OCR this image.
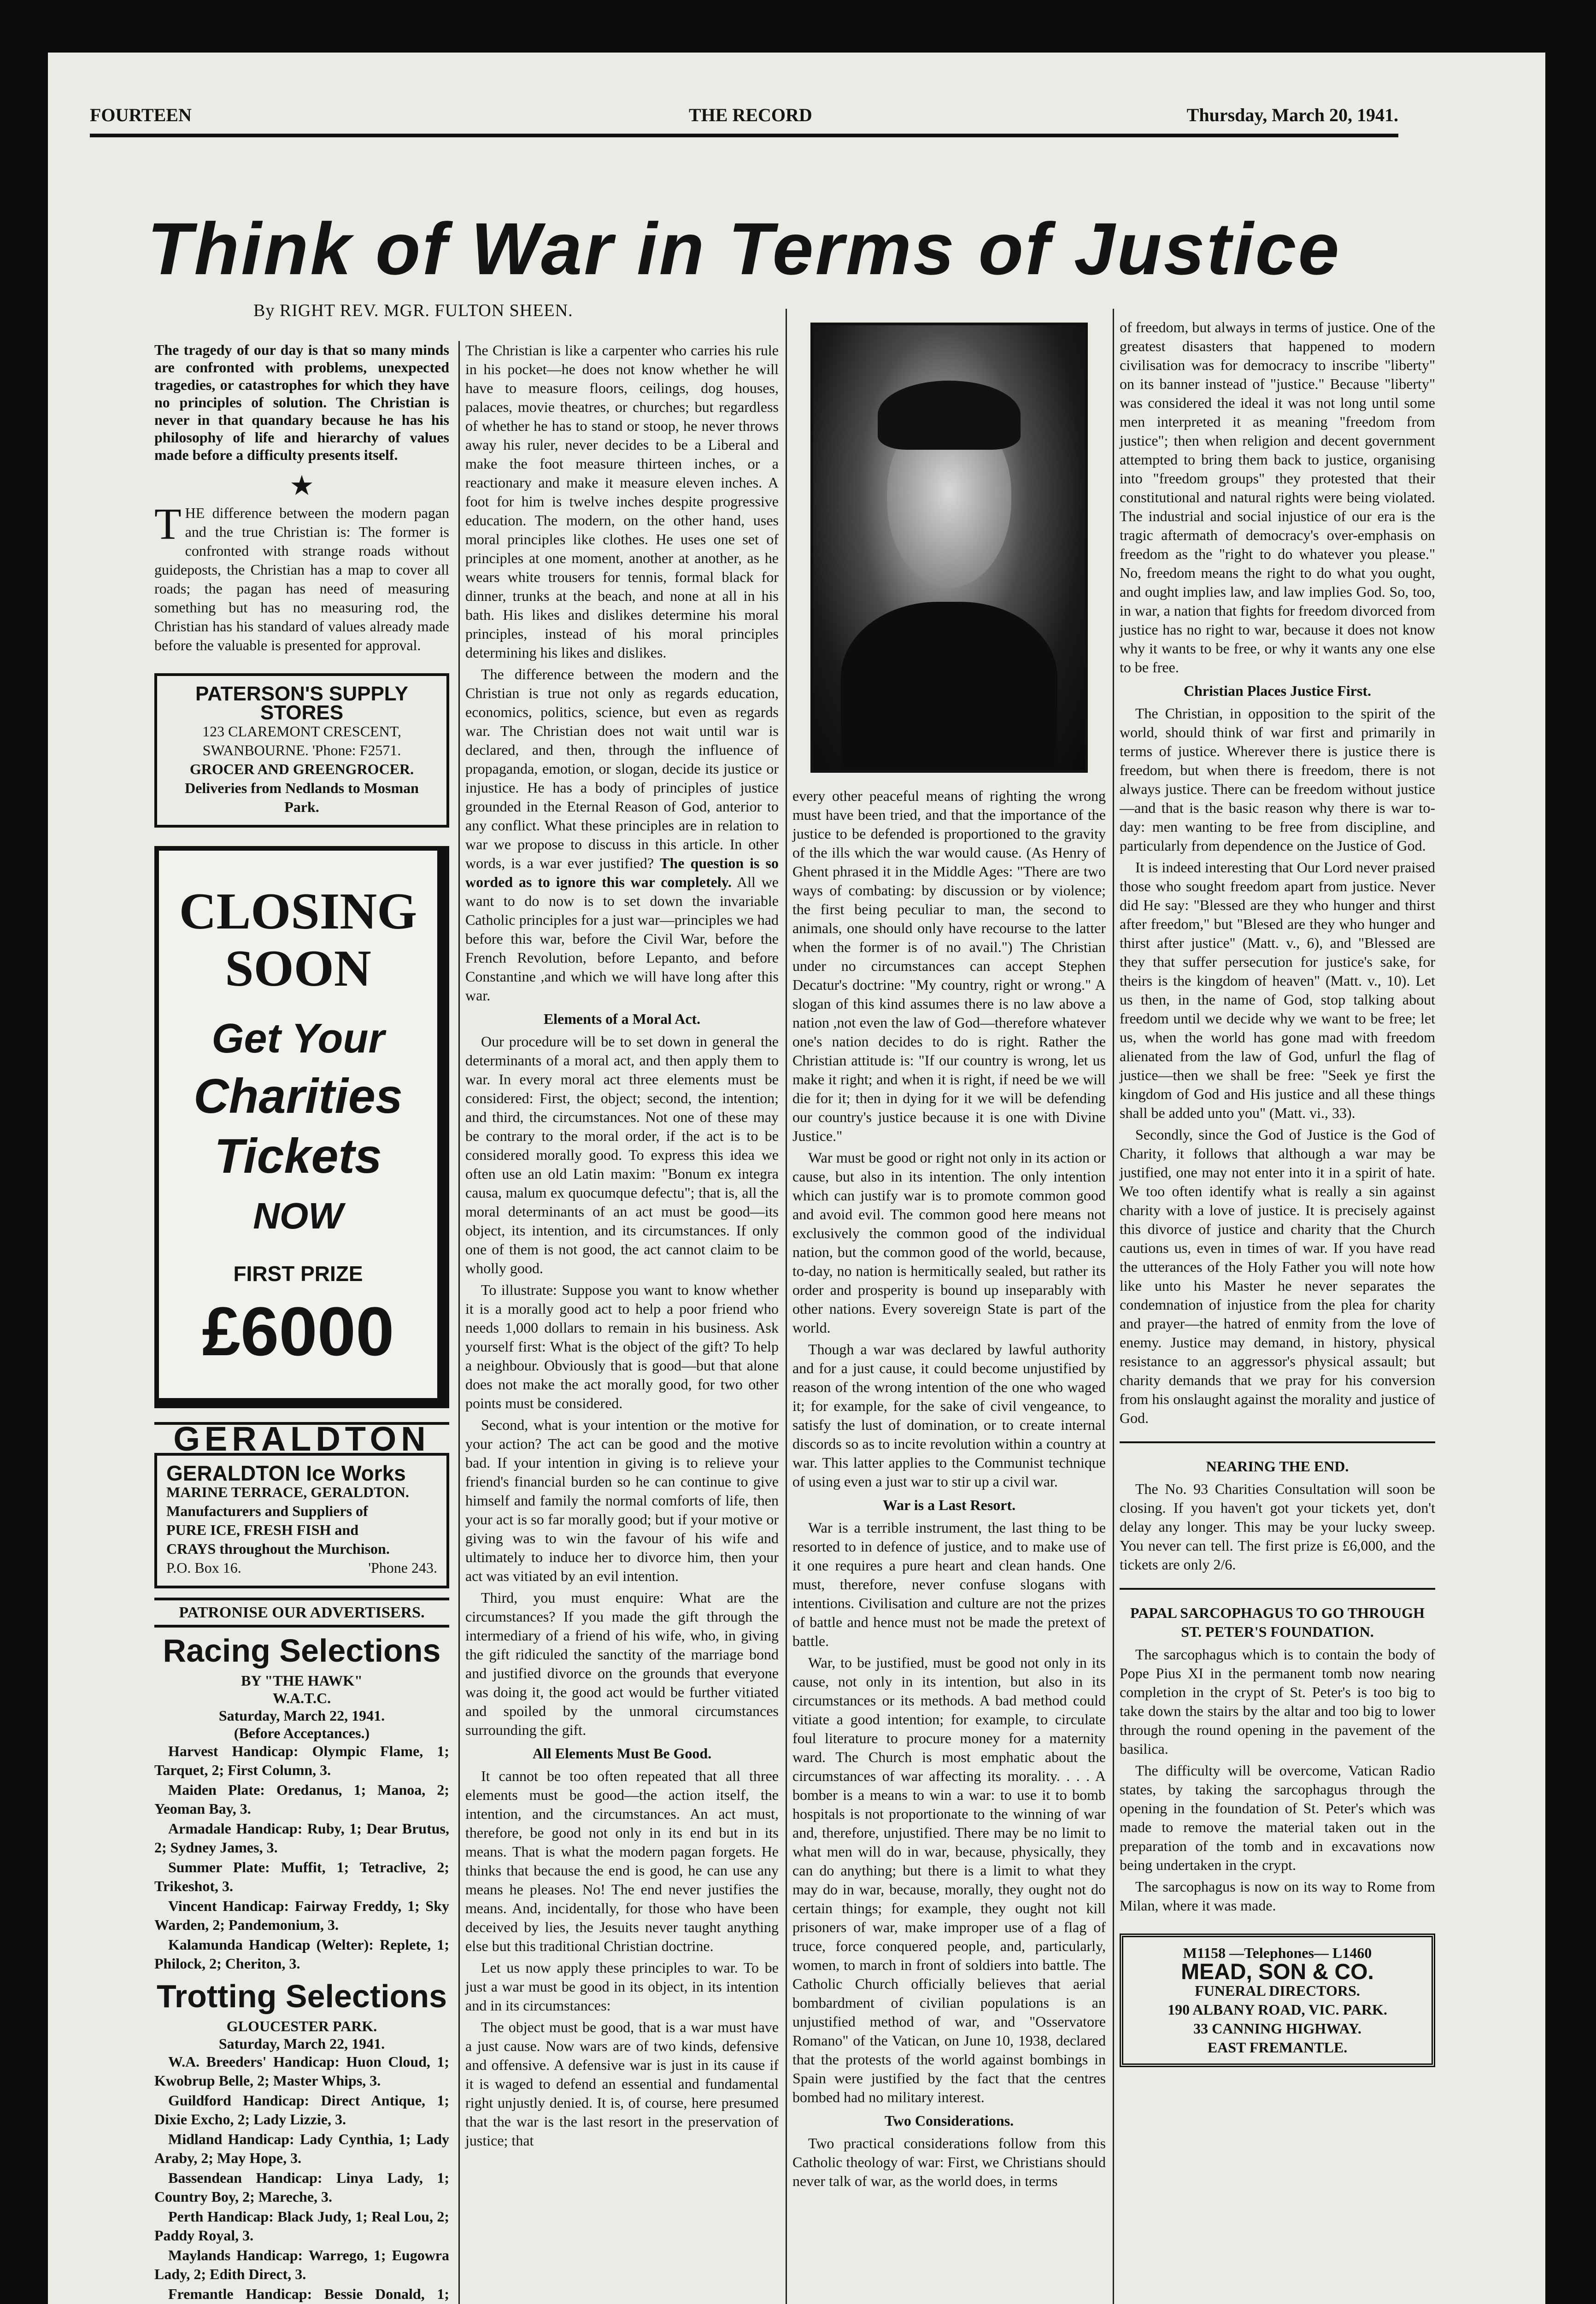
FOURTEEN	THE RECORD	Thursday, March 20, 1941.
Think of War in Terms of Justice
By RIGHT REV. MGR. FULTON SHEEN.
The tragedy of our day is that so many minds are confronted with problems, unexpected tragedies, or catastrophes for which they have no principles of solution. The Christian is never in that quandary because he has his philosophy of life and hierarchy of values made before a difficulty presents itself.
★

THE difference between the modern pagan and the true Christian is: The former is confronted with strange roads without guideposts, the Christian has a map to cover all roads; the pagan has need of measuring something but has no measuring rod, the Christian has his standard of values already made before the valuable is presented for approval.

PATERSON'S SUPPLY STORES
123 CLAREMONT CRESCENT,
SWANBOURNE. 'Phone: F2571.
GROCER AND GREENGROCER.
Deliveries from Nedlands to Mosman Park.
CLOSING
SOON
Get Your
Charities
Tickets
NOW
FIRST PRIZE
£6000
GERALDTON
GERALDTON Ice Works
MARINE TERRACE, GERALDTON.
Manufacturers and Suppliers of
PURE ICE, FRESH FISH and
CRAYS throughout the Murchison.
P.O. Box 16.	'Phone 243.
PATRONISE OUR ADVERTISERS.
Racing Selections
BY "THE HAWK"
W.A.T.C.
Saturday, March 22, 1941.
(Before Acceptances.)

Harvest Handicap: Olympic Flame, 1; Tarquet, 2; First Column, 3.

Maiden Plate: Oredanus, 1; Manoa, 2; Yeoman Bay, 3.

Armadale Handicap: Ruby, 1; Dear Brutus, 2; Sydney James, 3.

Summer Plate: Muffit, 1; Tetraclive, 2; Trikeshot, 3.

Vincent Handicap: Fairway Freddy, 1; Sky Warden, 2; Pandemonium, 3.

Kalamunda Handicap (Welter): Replete, 1; Philock, 2; Cheriton, 3.

Trotting Selections
GLOUCESTER PARK.
Saturday, March 22, 1941.

W.A. Breeders' Handicap: Huon Cloud, 1; Kwobrup Belle, 2; Master Whips, 3.

Guildford Handicap: Direct Antique, 1; Dixie Excho, 2; Lady Lizzie, 3.

Midland Handicap: Lady Cynthia, 1; Lady Araby, 2; May Hope, 3.

Bassendean Handicap: Linya Lady, 1; Country Boy, 2; Mareche, 3.

Perth Handicap: Black Judy, 1; Real Lou, 2; Paddy Royal, 3.

Maylands Handicap: Warrego, 1; Eugowra Lady, 2; Edith Direct, 3.

Fremantle Handicap: Bessie Donald, 1;

The Christian is like a carpenter who carries his rule in his pocket—he does not know whether he will have to measure floors, ceilings, dog houses, palaces, movie theatres, or churches; but regardless of whether he has to stand or stoop, he never throws away his ruler, never decides to be a Liberal and make the foot measure thirteen inches, or a reactionary and make it measure eleven inches. A foot for him is twelve inches despite progressive education. The modern, on the other hand, uses moral principles like clothes. He uses one set of principles at one moment, another at another, as he wears white trousers for tennis, formal black for dinner, trunks at the beach, and none at all in his bath. His likes and dislikes determine his moral principles, instead of his moral principles determining his likes and dislikes.

The difference between the modern and the Christian is true not only as regards education, economics, politics, science, but even as regards war. The Christian does not wait until war is declared, and then, through the influence of propaganda, emotion, or slogan, decide its justice or injustice. He has a body of principles of justice grounded in the Eternal Reason of God, anterior to any conflict. What these principles are in relation to war we propose to discuss in this article. In other words, is a war ever justified? The question is so worded as to ignore this war completely. All we want to do now is to set down the invariable Catholic principles for a just war—principles we had before this war, before the Civil War, before the French Revolution, before Lepanto, and before Constantine ,and which we will have long after this war.

Elements of a Moral Act.

Our procedure will be to set down in general the determinants of a moral act, and then apply them to war. In every moral act three elements must be considered: First, the object; second, the intention; and third, the circumstances. Not one of these may be contrary to the moral order, if the act is to be considered morally good. To express this idea we often use an old Latin maxim: "Bonum ex integra causa, malum ex quocumque defectu"; that is, all the moral determinants of an act must be good—its object, its intention, and its circumstances. If only one of them is not good, the act cannot claim to be wholly good.

To illustrate: Suppose you want to know whether it is a morally good act to help a poor friend who needs 1,000 dollars to remain in his business. Ask yourself first: What is the object of the gift? To help a neighbour. Obviously that is good—but that alone does not make the act morally good, for two other points must be considered.

Second, what is your intention or the motive for your action? The act can be good and the motive bad. If your intention in giving is to relieve your friend's financial burden so he can continue to give himself and family the normal comforts of life, then your act is so far morally good; but if your motive or giving was to win the favour of his wife and ultimately to induce her to divorce him, then your act was vitiated by an evil intention.

Third, you must enquire: What are the circumstances? If you made the gift through the intermediary of a friend of his wife, who, in giving the gift ridiculed the sanctity of the marriage bond and justified divorce on the grounds that everyone was doing it, the good act would be further vitiated and spoiled by the unmoral circumstances surrounding the gift.

All Elements Must Be Good.

It cannot be too often repeated that all three elements must be good—the action itself, the intention, and the circumstances. An act must, therefore, be good not only in its end but in its means. That is what the modern pagan forgets. He thinks that because the end is good, he can use any means he pleases. No! The end never justifies the means. And, incidentally, for those who have been deceived by lies, the Jesuits never taught anything else but this traditional Christian doctrine.

Let us now apply these principles to war. To be just a war must be good in its object, in its intention and in its circumstances:

The object must be good, that is a war must have a just cause. Now wars are of two kinds, defensive and offensive. A defensive war is just in its cause if it is waged to defend an essential and fundamental right unjustly denied. It is, of course, here presumed that the war is the last resort in the preservation of justice; that

every other peaceful means of righting the wrong must have been tried, and that the importance of the justice to be defended is proportioned to the gravity of the ills which the war would cause. (As Henry of Ghent phrased it in the Middle Ages: "There are two ways of combating: by discussion or by violence; the first being peculiar to man, the second to animals, one should only have recourse to the latter when the former is of no avail.") The Christian under no circumstances can accept Stephen Decatur's doctrine: "My country, right or wrong." A slogan of this kind assumes there is no law above a nation ,not even the law of God—therefore whatever one's nation decides to do is right. Rather the Christian attitude is: "If our country is wrong, let us make it right; and when it is right, if need be we will die for it; then in dying for it we will be defending our country's justice because it is one with Divine Justice."

War must be good or right not only in its action or cause, but also in its intention. The only intention which can justify war is to promote common good and avoid evil. The common good here means not exclusively the common good of the individual nation, but the common good of the world, because, to-day, no nation is hermitically sealed, but rather its order and prosperity is bound up inseparably with other nations. Every sovereign State is part of the world.

Though a war was declared by lawful authority and for a just cause, it could become unjustified by reason of the wrong intention of the one who waged it; for example, for the sake of civil vengeance, to satisfy the lust of domination, or to create internal discords so as to incite revolution within a country at war. This latter applies to the Communist technique of using even a just war to stir up a civil war.

War is a Last Resort.

War is a terrible instrument, the last thing to be resorted to in defence of justice, and to make use of it one requires a pure heart and clean hands. One must, therefore, never confuse slogans with intentions. Civilisation and culture are not the prizes of battle and hence must not be made the pretext of battle.

War, to be justified, must be good not only in its cause, not only in its intention, but also in its circumstances or its methods. A bad method could vitiate a good intention; for example, to circulate foul literature to procure money for a maternity ward. The Church is most emphatic about the circumstances of war affecting its morality. . . . A bomber is a means to win a war: to use it to bomb hospitals is not proportionate to the winning of war and, therefore, unjustified. There may be no limit to what men will do in war, because, physically, they can do anything; but there is a limit to what they may do in war, because, morally, they ought not do certain things; for example, they ought not kill prisoners of war, make improper use of a flag of truce, force conquered people, and, particularly, women, to march in front of soldiers into battle. The Catholic Church officially believes that aerial bombardment of civilian populations is an unjustified method of war, and "Osservatore Romano" of the Vatican, on June 10, 1938, declared that the protests of the world against bombings in Spain were justified by the fact that the centres bombed had no military interest.

Two Considerations.

Two practical considerations follow from this Catholic theology of war: First, we Christians should never talk of war, as the world does, in terms

of freedom, but always in terms of justice. One of the greatest disasters that happened to modern civilisation was for democracy to inscribe "liberty" on its banner instead of "justice." Because "liberty" was considered the ideal it was not long until some men interpreted it as meaning "freedom from justice"; then when religion and decent government attempted to bring them back to justice, organising into "freedom groups" they protested that their constitutional and natural rights were being violated. The industrial and social injustice of our era is the tragic aftermath of democracy's over-emphasis on freedom as the "right to do whatever you please." No, freedom means the right to do what you ought, and ought implies law, and law implies God. So, too, in war, a nation that fights for freedom divorced from justice has no right to war, because it does not know why it wants to be free, or why it wants any one else to be free.

Christian Places Justice First.

The Christian, in opposition to the spirit of the world, should think of war first and primarily in terms of justice. Wherever there is justice there is freedom, but when there is freedom, there is not always justice. There can be freedom without justice—and that is the basic reason why there is war to-day: men wanting to be free from discipline, and particularly from dependence on the Justice of God.

It is indeed interesting that Our Lord never praised those who sought freedom apart from justice. Never did He say: "Blessed are they who hunger and thirst after freedom," but "Blesed are they who hunger and thirst after justice" (Matt. v., 6), and "Blessed are they that suffer persecution for justice's sake, for theirs is the kingdom of heaven" (Matt. v., 10). Let us then, in the name of God, stop talking about freedom until we decide why we want to be free; let us, when the world has gone mad with freedom alienated from the law of God, unfurl the flag of justice—then we shall be free: "Seek ye first the kingdom of God and His justice and all these things shall be added unto you" (Matt. vi., 33).

Secondly, since the God of Justice is the God of Charity, it follows that although a war may be justified, one may not enter into it in a spirit of hate. We too often identify what is really a sin against charity with a love of justice. It is precisely against this divorce of justice and charity that the Church cautions us, even in times of war. If you have read the utterances of the Holy Father you will note how like unto his Master he never separates the condemnation of injustice from the plea for charity and prayer—the hatred of enmity from the love of enemy. Justice may demand, in history, physical resistance to an aggressor's physical assault; but charity demands that we pray for his conversion from his onslaught against the morality and justice of God.

NEARING THE END.

The No. 93 Charities Consultation will soon be closing. If you haven't got your tickets yet, don't delay any longer. This may be your lucky sweep. You never can tell. The first prize is £6,000, and the tickets are only 2/6.

PAPAL SARCOPHAGUS TO GO THROUGH ST. PETER'S FOUNDATION.

The sarcophagus which is to contain the body of Pope Pius XI in the permanent tomb now nearing completion in the crypt of St. Peter's is too big to take down the stairs by the altar and too big to lower through the round opening in the pavement of the basilica.

The difficulty will be overcome, Vatican Radio states, by taking the sarcophagus through the opening in the foundation of St. Peter's which was made to remove the material taken out in the preparation of the tomb and in excavations now being undertaken in the crypt.

The sarcophagus is now on its way to Rome from Milan, where it was made.

M1158 —Telephones— L1460
MEAD, SON & CO.
FUNERAL DIRECTORS.
190 ALBANY ROAD, VIC. PARK.
33 CANNING HIGHWAY.
EAST FREMANTLE.
